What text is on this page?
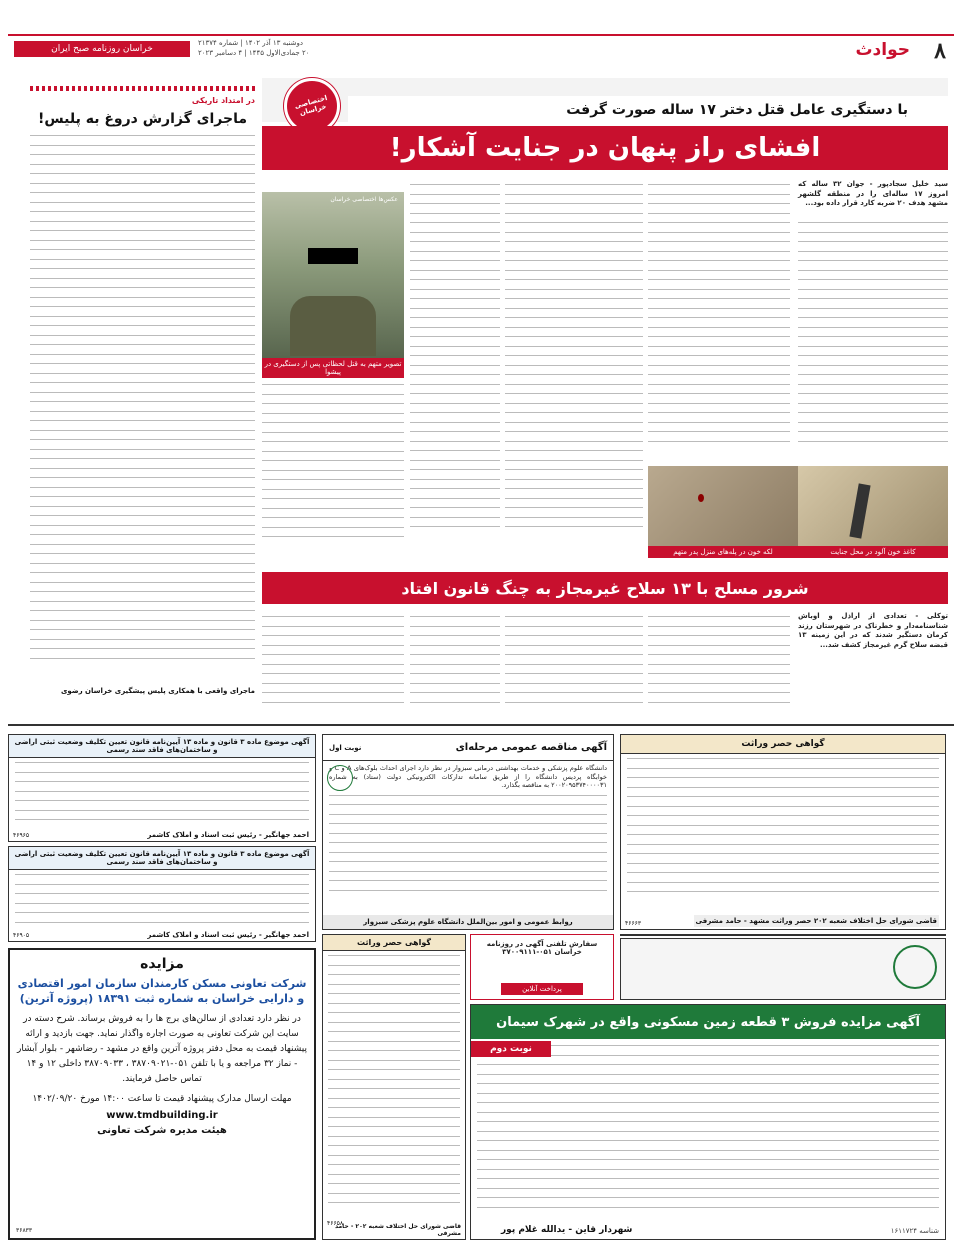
۸
حوادث
دوشنبه ۱۳ آذر ۱۴۰۲ | شماره ۲۱۳۷۴
۲۰ جمادی‌الاول ۱۴۴۵ | ۴ دسامبر ۲۰۲۳
خراسان روزنامه صبح ایران
در امتداد تاریکی
ماجرای گزارش دروغ به پلیس!
ماجرای واقعی با همکاری پلیس پیشگیری خراسان رضوی
با دستگیری عامل قتل دختر ۱۷ ساله صورت گرفت
اختصاصی خراسان
افشای راز پنهان در جنایت آشکار!
سید خلیل سجادپور - جوان ۳۲ ساله که امروز ۱۷ ساله‌ای را در منطقه گلشهر مشهد هدف ۲۰ ضربه کارد قرار داده بود...
عکس‌ها اختصاصی خراسان
تصویر متهم به قتل لحظاتی پس از دستگیری در پیشوا
لکه خون در پله‌های منزل پدر متهم	کاغذ خون آلود در محل جنایت
شرور مسلح با ۱۳ سلاح غیرمجاز به چنگ قانون افتاد
توکلی - تعدادی از اراذل و اوباش شناسنامه‌دار و خطرناک در شهرستان رزند کرمان دستگیر شدند که در این زمینه ۱۳ قبضه سلاح گرم غیرمجاز کشف شد...
گواهی حصر وراثت
قاضی شورای حل اختلاف شعبه ۲۰۲ حصر وراثت مشهد - حامد مشرفی
۴۶۶۶۳
آگهی مناقصه عمومی مرحله‌ای
نوبت اول
دانشگاه علوم پزشکی و خدمات بهداشتی درمانی سبزوار در نظر دارد اجرای احداث بلوک‌های A و C و خوابگاه پردیس دانشگاه را از طریق سامانه تدارکات الکترونیکی دولت (ستاد) به شماره ۲۰۰۲۰۹۵۳۷۴۰۰۰۰۳۱ به مناقصه بگذارد.
روابط عمومی و امور بین‌الملل دانشگاه علوم پزشکی سبزوار
آگهی موضوع ماده ۳ قانون و ماده ۱۳ آیین‌نامه قانون تعیین تکلیف وضعیت ثبتی اراضی و ساختمان‌های فاقد سند رسمی
احمد جهانگیر - رئیس ثبت اسناد و املاک کاشمر
۴۶۹۶۵
آگهی موضوع ماده ۳ قانون و ماده ۱۳ آیین‌نامه قانون تعیین تکلیف وضعیت ثبتی اراضی و ساختمان‌های فاقد سند رسمی
احمد جهانگیر - رئیس ثبت اسناد و املاک کاشمر
۴۶۹۰۵
سفارش تلفنی آگهی در روزنامه خراسان ۰۵۱-۳۷۰۰۹۱۱۱
پرداخت آنلاین
گواهی حصر وراثت
قاضی شورای حل اختلاف شعبه ۲۰۲ - حامد مشرفی
۴۶۶۵۸
آگهی مزایده فروش ۳ قطعه زمین مسکونی واقع در شهرک سیمان
نوبت دوم
شهردار قاین - یدالله غلام پور	شناسه ۱۶۱۱۷۲۴
مزایده
شرکت تعاونی مسکن کارمندان سازمان امور اقتصادی و دارایی خراسان به شماره ثبت ۱۸۳۹۱ (پروژه آترین)
در نظر دارد تعدادی از سالن‌های برج ها را به فروش برساند. شرح دسته در سایت این شرکت تعاونی به صورت اجاره واگذار نماید. جهت بازدید و ارائه پیشنهاد قیمت به محل دفتر پروژه آترین واقع در مشهد - رضاشهر - بلوار آبشار - نماز ۳۲ مراجعه و یا با تلفن ۰۵۱-۳۸۷۰۹۰۲۱ ، ۳۸۷۰۹۰۳۳ داخلی ۱۲ و ۱۴ تماس حاصل فرمایند.
مهلت ارسال مدارک پیشنهاد قیمت تا ساعت ۱۴:۰۰ مورخ ۱۴۰۲/۰۹/۲۰
www.tmdbuilding.ir
هیئت مدیره شرکت تعاونی
۳۶۸۳۳
